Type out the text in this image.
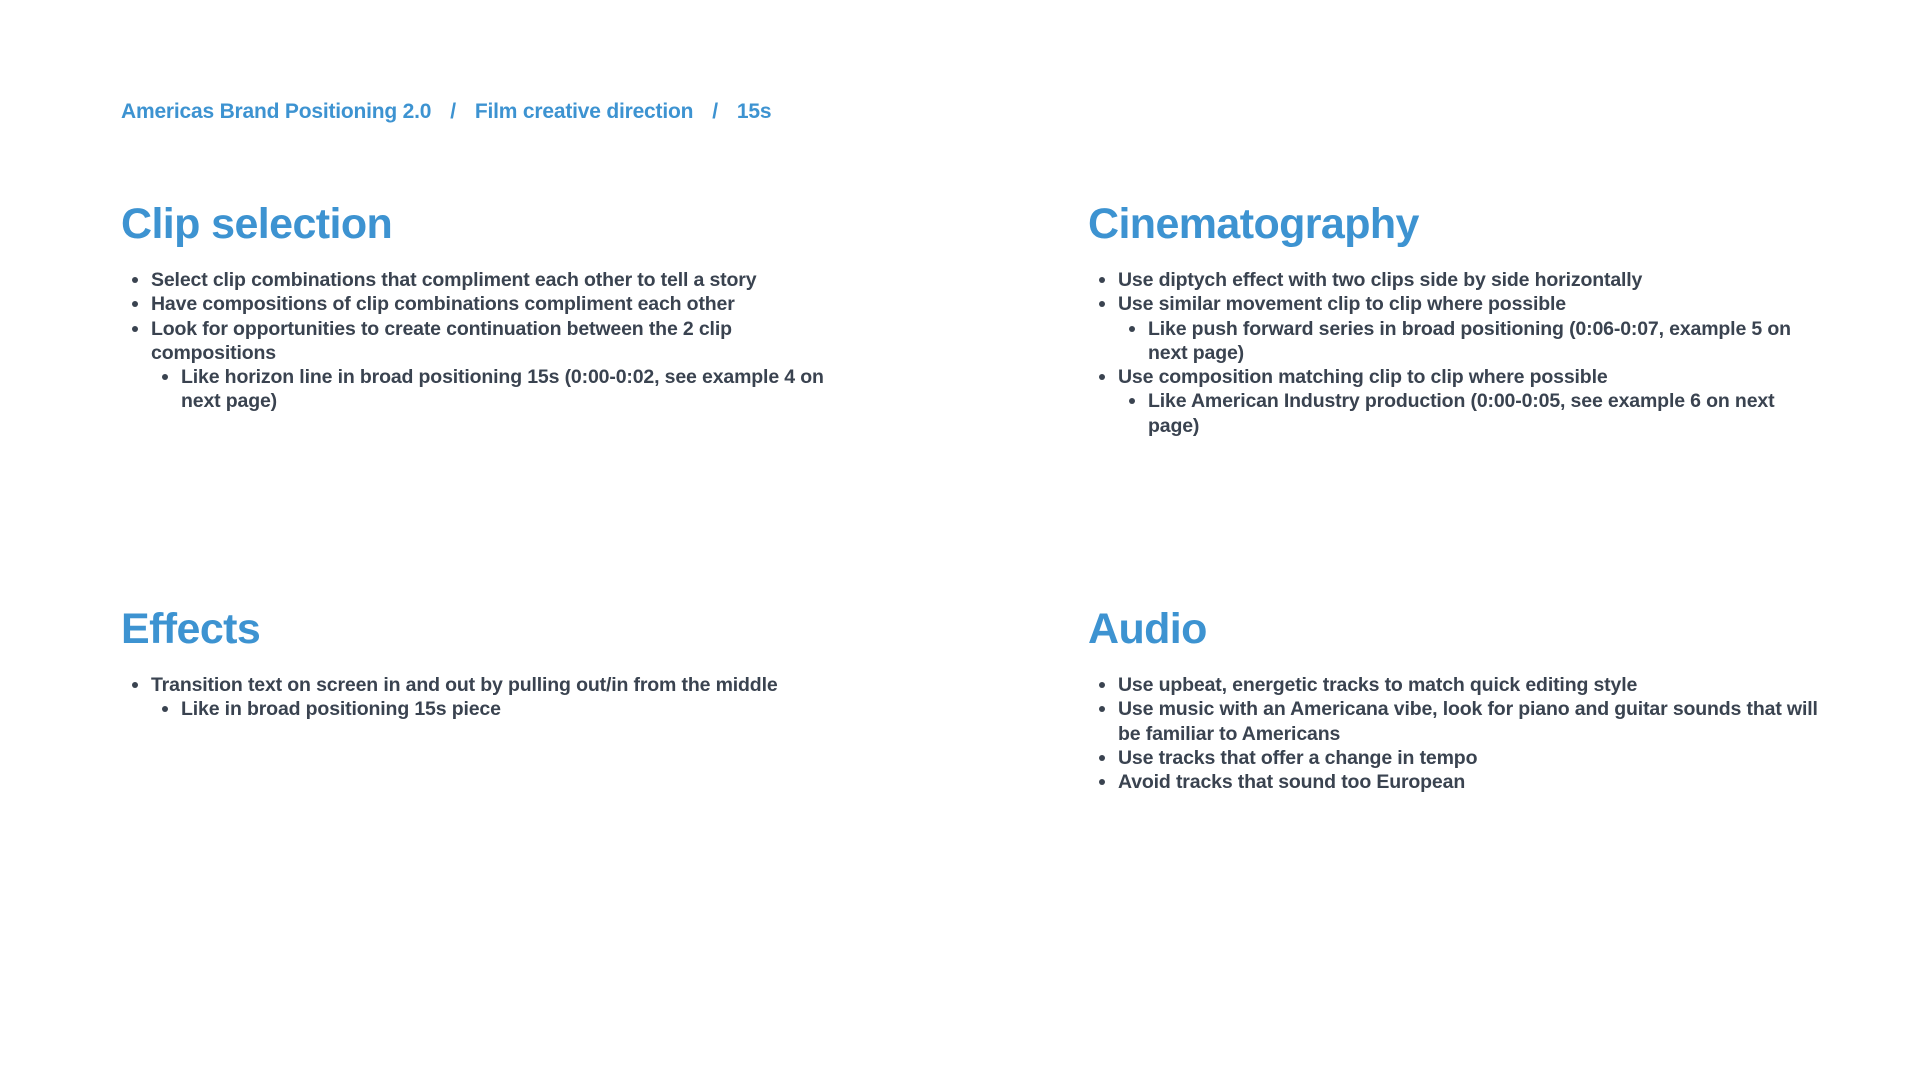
Americas Brand Positioning 2.0 / Film creative direction / 15s
Clip selection
Select clip combinations that compliment each other to tell a story
Have compositions of clip combinations compliment each other
Look for opportunities to create continuation between the 2 clip compositions
Like horizon line in broad positioning 15s (0:00-0:02, see example 4 on next page)
Cinematography
Use diptych effect with two clips side by side horizontally
Use similar movement clip to clip where possible
Like push forward series in broad positioning (0:06-0:07, example 5 on next page)
Use composition matching clip to clip where possible
Like American Industry production (0:00-0:05, see example 6 on next page)
Effects
Transition text on screen in and out by pulling out/in from the middle
Like in broad positioning 15s piece
Audio
Use upbeat, energetic tracks to match quick editing style
Use music with an Americana vibe, look for piano and guitar sounds that will be familiar to Americans
Use tracks that offer a change in tempo
Avoid tracks that sound too European
